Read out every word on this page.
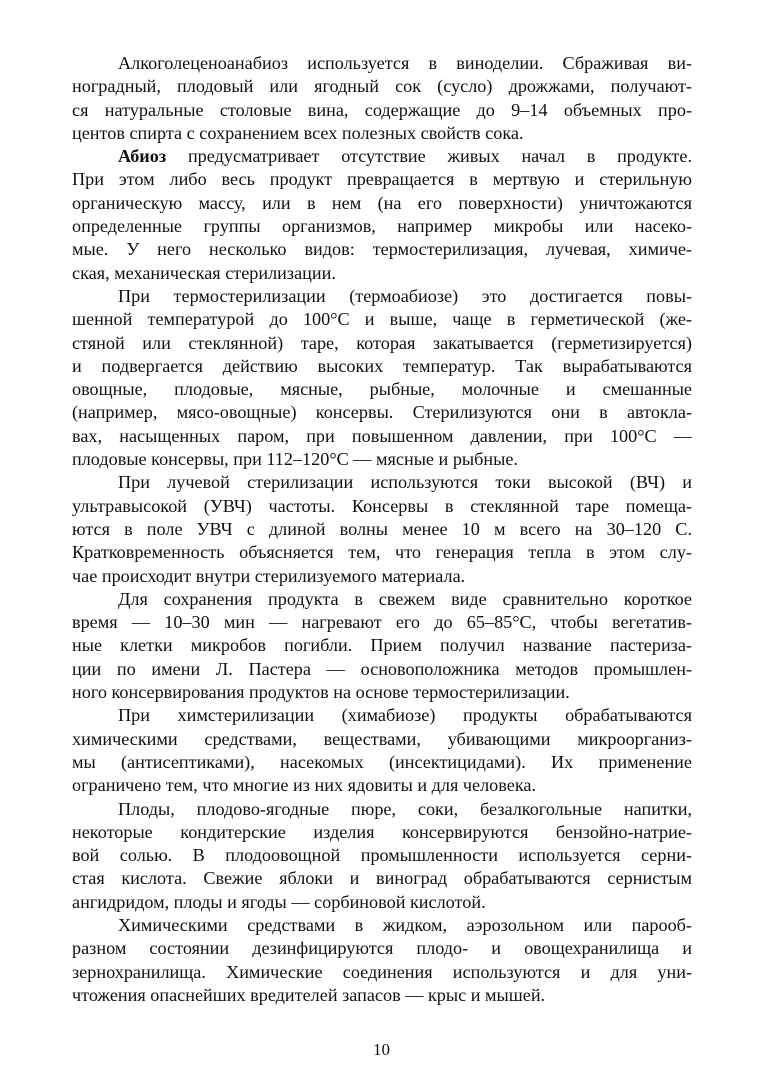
Алкоголеценоанабиоз используется в виноделии. Сбраживая ви-
ноградный, плодовый или ягодный сок (сусло) дрожжами, получают-
ся натуральные столовые вина, содержащие до 9–14 объемных про-
центов спирта с сохранением всех полезных свойств сока.
Абиоз предусматривает отсутствие живых начал в продукте.
При этом либо весь продукт превращается в мертвую и стерильную
органическую массу, или в нем (на его поверхности) уничтожаются
определенные группы организмов, например микробы или насеко-
мые. У него несколько видов: термостерилизация, лучевая, химиче-
ская, механическая стерилизации.
При термостерилизации (термоабиозе) это достигается повы-
шенной температурой до 100°С и выше, чаще в герметической (же-
стяной или стеклянной) таре, которая закатывается (герметизируется)
и подвергается действию высоких температур. Так вырабатываются
овощные, плодовые, мясные, рыбные, молочные и смешанные
(например, мясо-овощные) консервы. Стерилизуются они в автокла-
вах, насыщенных паром, при повышенном давлении, при 100°С —
плодовые консервы, при 112–120°С — мясные и рыбные.
При лучевой стерилизации используются токи высокой (ВЧ) и
ультравысокой (УВЧ) частоты. Консервы в стеклянной таре помеща-
ются в поле УВЧ с длиной волны менее 10 м всего на 30–120 С.
Кратковременность объясняется тем, что генерация тепла в этом слу-
чае происходит внутри стерилизуемого материала.
Для сохранения продукта в свежем виде сравнительно короткое
время — 10–30 мин — нагревают его до 65–85°С, чтобы вегетатив-
ные клетки микробов погибли. Прием получил название пастериза-
ции по имени Л. Пастера — основоположника методов промышлен-
ного консервирования продуктов на основе термостерилизации.
При химстерилизации (химабиозе) продукты обрабатываются
химическими средствами, веществами, убивающими микроорганиз-
мы (антисептиками), насекомых (инсектицидами). Их применение
ограничено тем, что многие из них ядовиты и для человека.
Плоды, плодово-ягодные пюре, соки, безалкогольные напитки,
некоторые кондитерские изделия консервируются бензойно-натрие-
вой солью. В плодоовощной промышленности используется серни-
стая кислота. Свежие яблоки и виноград обрабатываются сернистым
ангидридом, плоды и ягоды — сорбиновой кислотой.
Химическими средствами в жидком, аэрозольном или парооб-
разном состоянии дезинфицируются плодо- и овощехранилища и
зернохранилища. Химические соединения используются и для уни-
чтожения опаснейших вредителей запасов — крыс и мышей.
10
